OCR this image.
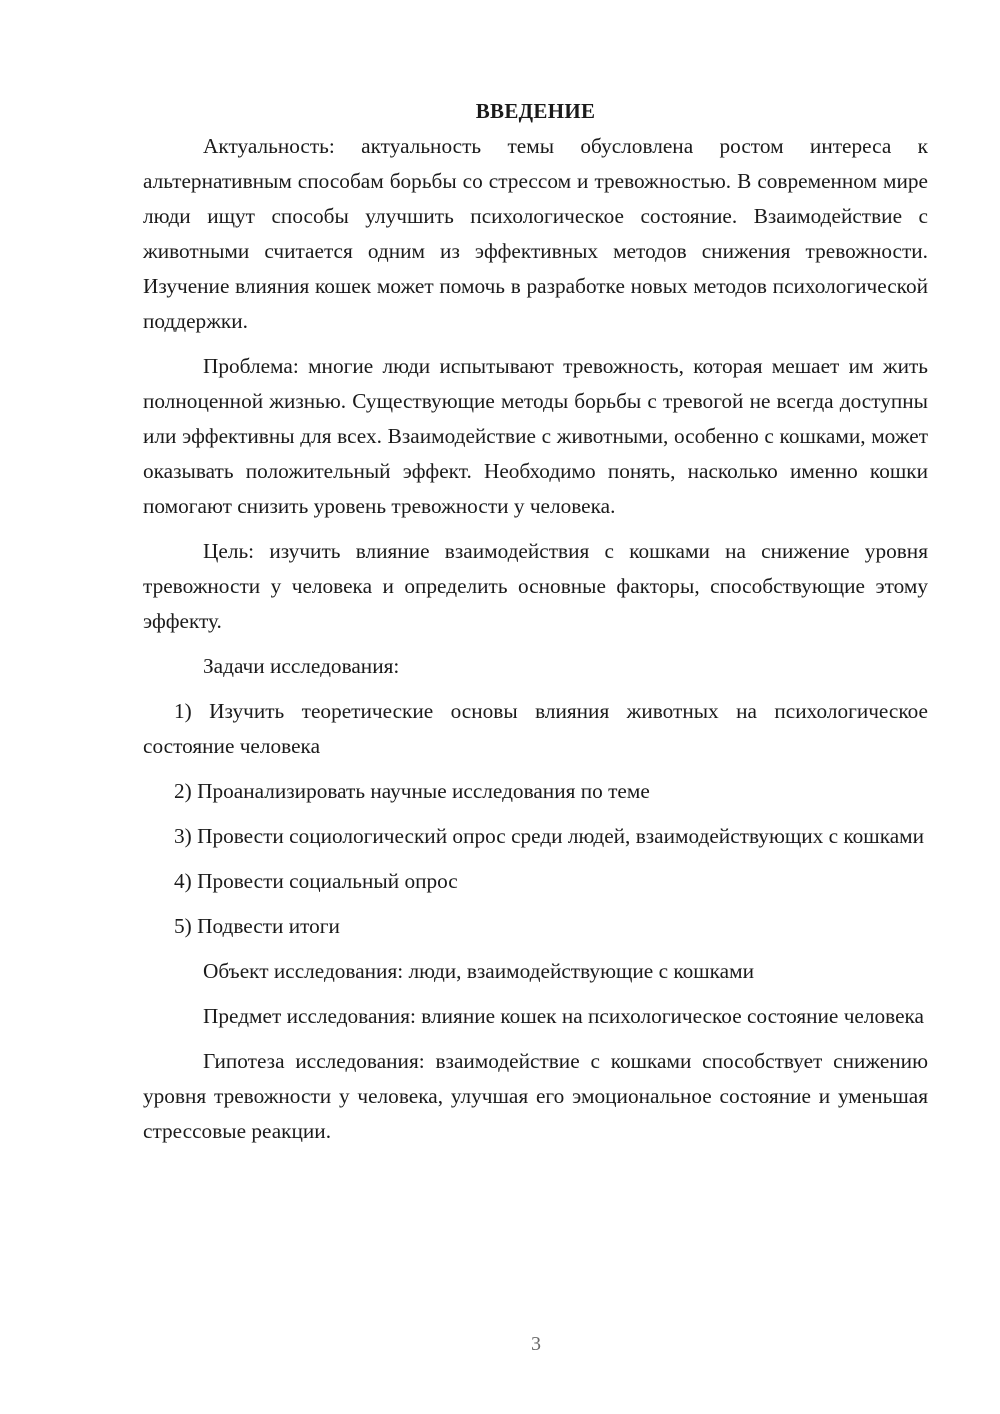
ВВЕДЕНИЕ

Актуальность: актуальность темы обусловлена ростом интереса к альтернативным способам борьбы со стрессом и тревожностью. В современном мире люди ищут способы улучшить психологическое состояние. Взаимодействие с животными считается одним из эффективных методов снижения тревожности. Изучение влияния кошек может помочь в разработке новых методов психологической поддержки.

Проблема: многие люди испытывают тревожность, которая мешает им жить полноценной жизнью. Существующие методы борьбы с тревогой не всегда доступны или эффективны для всех. Взаимодействие с животными, особенно с кошками, может оказывать положительный эффект. Необходимо понять, насколько именно кошки помогают снизить уровень тревожности у человека.

Цель: изучить влияние взаимодействия с кошками на снижение уровня тревожности у человека и определить основные факторы, способствующие этому эффекту.

Задачи исследования:

1) Изучить теоретические основы влияния животных на психологическое состояние человека

2) Проанализировать научные исследования по теме

3) Провести социологический опрос среди людей, взаимодействующих с кошками

4) Провести социальный опрос

5) Подвести итоги

Объект исследования: люди, взаимодействующие с кошками

Предмет исследования: влияние кошек на психологическое состояние человека

Гипотеза исследования: взаимодействие с кошками способствует снижению уровня тревожности у человека, улучшая его эмоциональное состояние и уменьшая стрессовые реакции.

3
